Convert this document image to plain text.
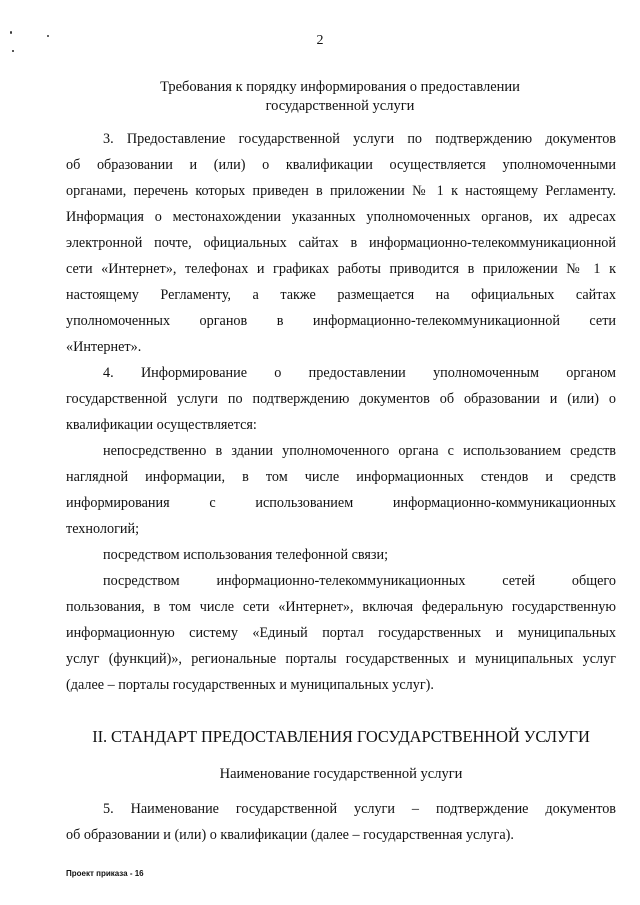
2
Требования к порядку информирования о предоставлении
государственной услуги
3. Предоставление государственной услуги по подтверждению документов
об образовании и (или) о квалификации осуществляется уполномоченными
органами, перечень которых приведен в приложении № 1 к настоящему Регламенту.
Информация о местонахождении указанных уполномоченных органов, их адресах
электронной почте, официальных сайтах в информационно-телекоммуникационной
сети «Интернет», телефонах и графиках работы приводится в приложении № 1 к
настоящему Регламенту, а также размещается на официальных сайтах
уполномоченных органов в информационно-телекоммуникационной сети
«Интернет».
4. Информирование о предоставлении уполномоченным органом
государственной услуги по подтверждению документов об образовании и (или) о
квалификации осуществляется:
непосредственно в здании уполномоченного органа с использованием средств
наглядной информации, в том числе информационных стендов и средств
информирования с использованием информационно-коммуникационных
технологий;
посредством использования телефонной связи;
посредством информационно-телекоммуникационных сетей общего
пользования, в том числе сети «Интернет», включая федеральную государственную
информационную систему «Единый портал государственных и муниципальных
услуг (функций)», региональные порталы государственных и муниципальных услуг
(далее – порталы государственных и муниципальных услуг).
II. СТАНДАРТ ПРЕДОСТАВЛЕНИЯ ГОСУДАРСТВЕННОЙ УСЛУГИ
Наименование государственной услуги
5. Наименование государственной услуги – подтверждение документов
об образовании и (или) о квалификации (далее – государственная услуга).
Проект приказа - 16
